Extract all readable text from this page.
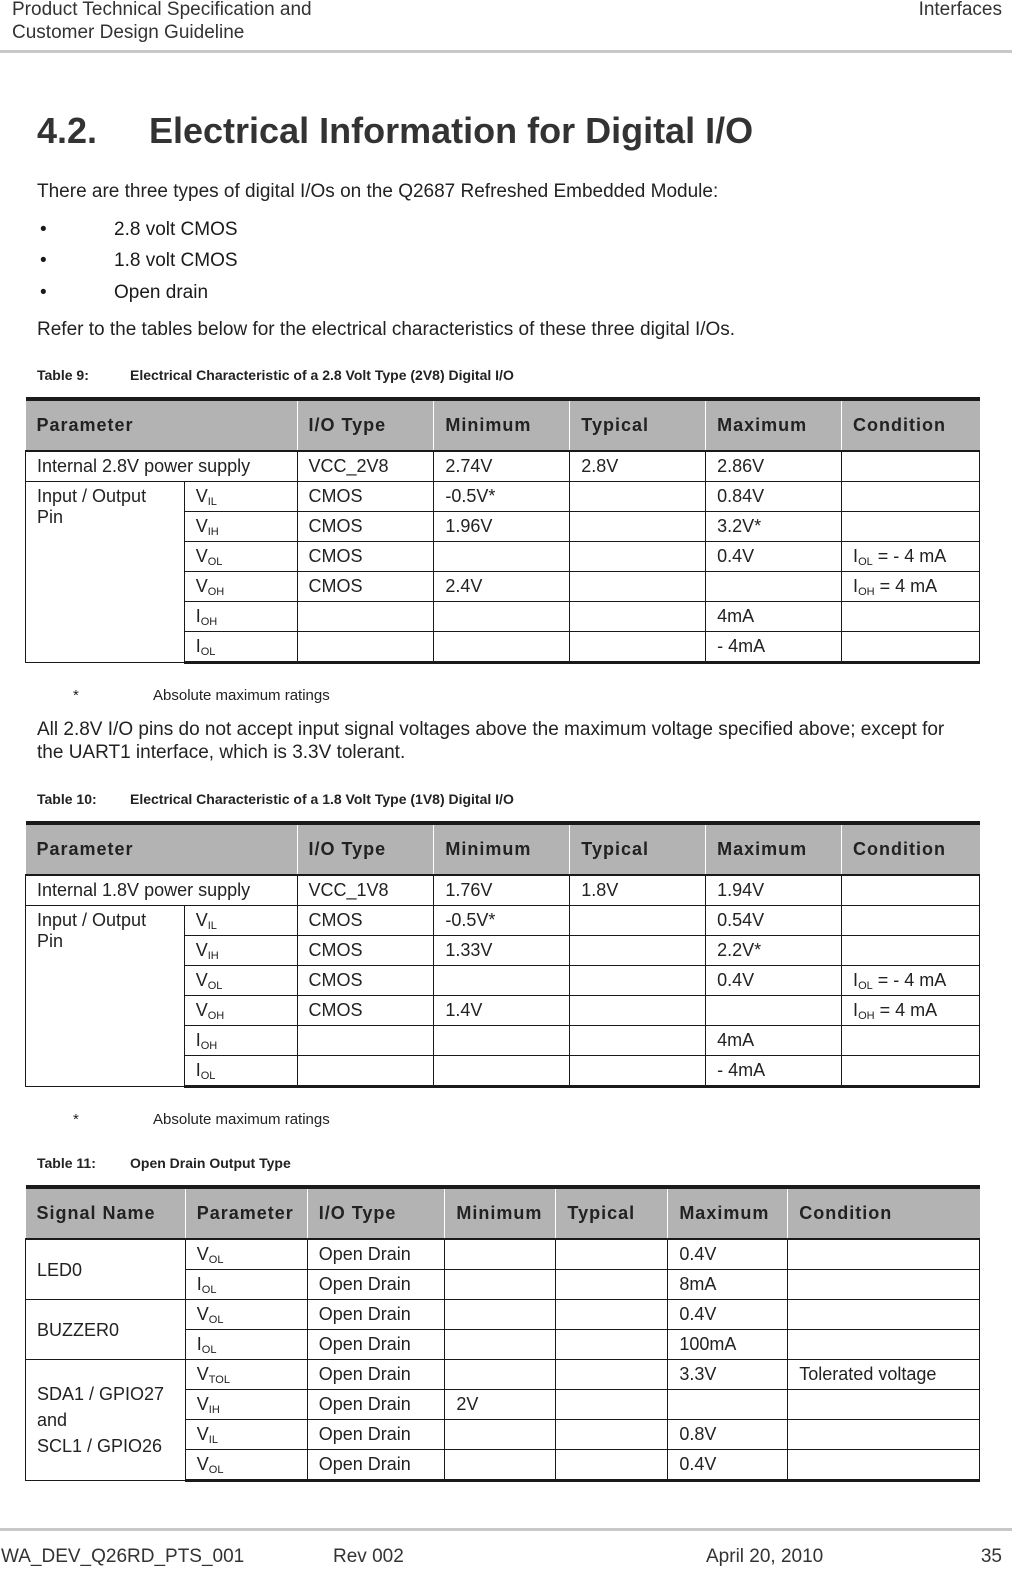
Product Technical Specification and
Customer Design Guideline
Interfaces
4.2. Electrical Information for Digital I/O
There are three types of digital I/Os on the Q2687 Refreshed Embedded Module:
•	2.8 volt CMOS
•	1.8 volt CMOS
•	Open drain
Refer to the tables below for the electrical characteristics of these three digital I/Os.
Table 9:	Electrical Characteristic of a 2.8 Volt Type (2V8) Digital I/O
Parameter		I/O Type	Minimum	Typical	Maximum	Condition
Internal 2.8V power supply		VCC_2V8	2.74V	2.8V	2.86V	
Input / Output Pin	$V_{IL}$	CMOS	-0.5V*		0.84V	
	$V_{IH}$	CMOS	1.96V		3.2V*	
	$V_{OL}$	CMOS			0.4V	$I_{OL}$ = - 4 mA
	$V_{OH}$	CMOS	2.4V			$I_{OH} = 4$ mA
	$I_{OH}$				4mA	
	$I_{OL}$				- 4mA	
*	Absolute maximum ratings
All 2.8V I/O pins do not accept input signal voltages above the maximum voltage specified above; except for the UART1 interface, which is 3.3V tolerant.
Table 10: Electrical Characteristic of a 1.8 Volt Type (1V8) Digital I/O
Parameter		I/O Type	Minimum	Typical	Maximum	Condition
Internal 1.8V power supply		VCC_1V8	1.76V	1.8V	1.94V	
Input / Output Pin	$V_{IL}$	CMOS	-0.5V*		0.54V	
	$V_{IH}$	CMOS	1.33V		2.2V*	
	$V_{OL}$	CMOS			0.4V	$I_{OL}$ = - 4 mA
	$V_{OH}$	CMOS	1.4V			$I_{OH} = 4$ mA
	$I_{OH}$				4mA	
	$I_{OL}$				- 4mA	
*	Absolute maximum ratings
Table 11: Open Drain Output Type
Signal Name	Parameter	I/O Type	Minimum	Typical	Maximum	Condition

LED0	$V_{OL}$	Open Drain			0.4V	
	$I_{OL}$	Open Drain			8mA	

BUZZER0	$V_{OL}$	Open Drain			0.4V	
	$I_{OL}$	Open Drain			100mA	

SDA1 / GPIO27
and
SCL1 / GPIO26	$V_{TOL}$	Open Drain			3.3V	Tolerated voltage
	$V_{IH}$	Open Drain	2V			
	$V_{IL}$	Open Drain			0.8V	
	$V_{OL}$	Open Drain			0.4V	
WA_DEV_Q26RD_PTS_001	Rev 002	April 20, 2010	35
